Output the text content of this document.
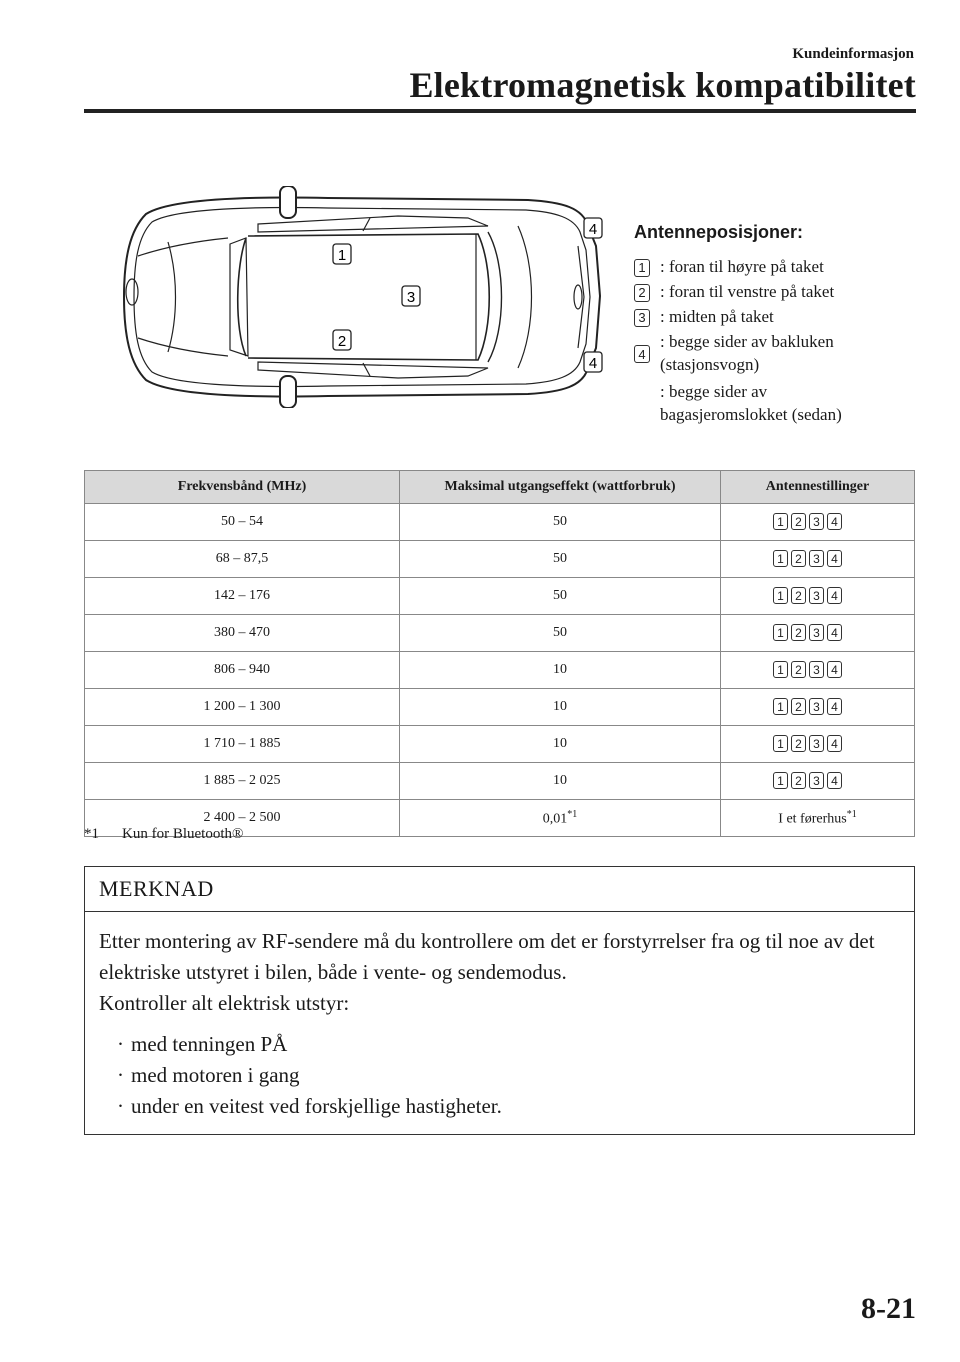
Kundeinformasjon
Elektromagnetisk kompatibilitet
1
2
3
4
4
Antenneposisjoner:
1 : foran til høyre på taket
2 : foran til venstre på taket
3 : midten på taket
4
: begge sider av bakluken
(stasjonsvogn)
: begge sider av
bagasjeromslokket (sedan)
Frekvensbånd (MHz)	Maksimal utgangseffekt (wattforbruk)	Antennestillinger
50 – 54	50	1 2 3 4
68 – 87,5	50	1 2 3 4
142 – 176	50	1 2 3 4
380 – 470	50	1 2 3 4
806 – 940	10	1 2 3 4
1 200 – 1 300	10	1 2 3 4
1 710 – 1 885	10	1 2 3 4
1 885 – 2 025	10	1 2 3 4
2 400 – 2 500	0,01$^{*1}$	I et førerhus$^{*1}$
*1 Kun for Bluetooth®
MERKNAD

Etter montering av RF-sendere må du kontrollere om det er forstyrrelser fra og til noe av det elektriske utstyret i bilen, både i vente- og sendemodus.

Kontroller alt elektrisk utstyr:

· med tenningen PÅ
· med motoren i gang
· under en veitest ved forskjellige hastigheter.
8-21
